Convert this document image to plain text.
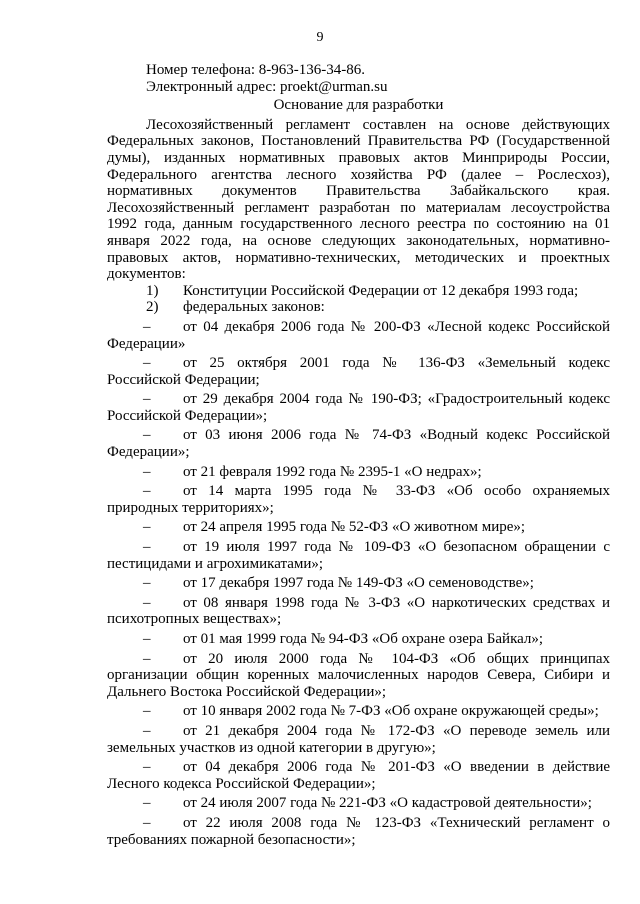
9
Номер телефона: 8-963-136-34-86.
Электронный адрес: proekt@urman.su
Основание для разработки
Лесохозяйственный регламент составлен на основе действующих
Федеральных законов, Постановлений Правительства РФ (Государственной
думы), изданных нормативных правовых актов Минприроды России,
Федерального агентства лесного хозяйства РФ (далее – Рослесхоз),
нормативных документов Правительства Забайкальского края.
Лесохозяйственный регламент разработан по материалам лесоустройства
1992 года, данным государственного лесного реестра по состоянию на 01
января 2022 года, на основе следующих законодательных, нормативно-
правовых актов, нормативно-технических, методических и проектных
документов:
1)	Конституции Российской Федерации от 12 декабря 1993 года;
2)	федеральных законов:
–	от 04 декабря 2006 года № 200-ФЗ «Лесной кодекс Российской
Федерации»
–	от 25 октября 2001 года № 136-ФЗ «Земельный кодекс
Российской Федерации;
–	от 29 декабря 2004 года № 190-ФЗ; «Градостроительный кодекс
Российской Федерации»;
–	от 03 июня 2006 года № 74-ФЗ «Водный кодекс Российской
Федерации»;
–	от 21 февраля 1992 года № 2395-1 «О недрах»;
–	от 14 марта 1995 года № 33-ФЗ «Об особо охраняемых
природных территориях»;
–	от 24 апреля 1995 года № 52-ФЗ «О животном мире»;
–	от 19 июля 1997 года № 109-ФЗ «О безопасном обращении с
пестицидами и агрохимикатами»;
–	от 17 декабря 1997 года № 149-ФЗ «О семеноводстве»;
–	от 08 января 1998 года № 3-ФЗ «О наркотических средствах и
психотропных веществах»;
–	от 01 мая 1999 года № 94-ФЗ «Об охране озера Байкал»;
–	от 20 июля 2000 года № 104-ФЗ «Об общих принципах
организации общин коренных малочисленных народов Севера, Сибири и
Дальнего Востока Российской Федерации»;
–	от 10 января 2002 года № 7-ФЗ «Об охране окружающей среды»;
–	от 21 декабря 2004 года № 172-ФЗ «О переводе земель или
земельных участков из одной категории в другую»;
–	от 04 декабря 2006 года № 201-ФЗ «О введении в действие
Лесного кодекса Российской Федерации»;
–	от 24 июля 2007 года № 221-ФЗ «О кадастровой деятельности»;
–	от 22 июля 2008 года № 123-ФЗ «Технический регламент о
требованиях пожарной безопасности»;
